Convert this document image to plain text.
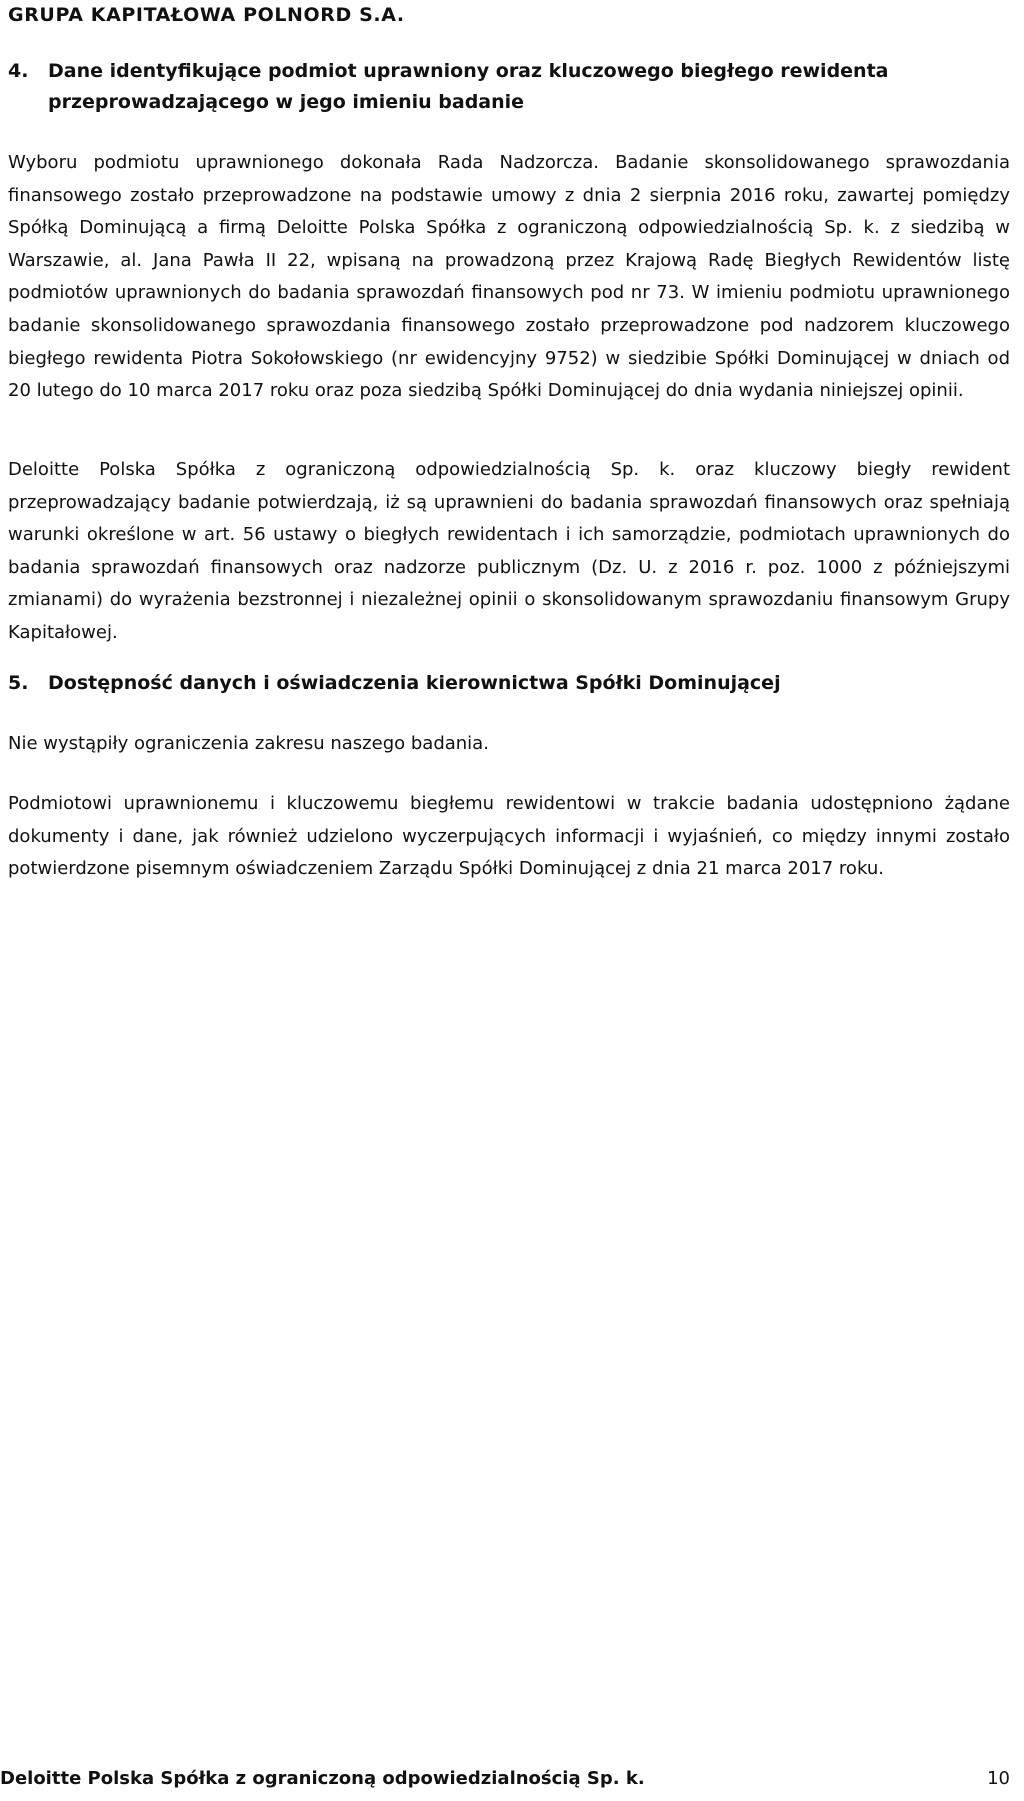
GRUPA KAPITAŁOWA POLNORD S.A.
4.	Dane identyfikujące podmiot uprawniony oraz kluczowego biegłego rewidenta przeprowadzającego w jego imieniu badanie

Wyboru podmiotu uprawnionego dokonała Rada Nadzorcza. Badanie skonsolidowanego sprawozdania finansowego zostało przeprowadzone na podstawie umowy z dnia 2 sierpnia 2016 roku, zawartej pomiędzy Spółką Dominującą a firmą Deloitte Polska Spółka z ograniczoną odpowiedzialnością Sp. k. z siedzibą w Warszawie, al. Jana Pawła II 22, wpisaną na prowadzoną przez Krajową Radę Biegłych Rewidentów listę podmiotów uprawnionych do badania sprawozdań finansowych pod nr 73. W imieniu podmiotu uprawnionego badanie skonsolidowanego sprawozdania finansowego zostało przeprowadzone pod nadzorem kluczowego biegłego rewidenta Piotra Sokołowskiego (nr ewidencyjny 9752) w siedzibie Spółki Dominującej w dniach od 20 lutego do 10 marca 2017 roku oraz poza siedzibą Spółki Dominującej do dnia wydania niniejszej opinii.

Deloitte Polska Spółka z ograniczoną odpowiedzialnością Sp. k. oraz kluczowy biegły rewident przeprowadzający badanie potwierdzają, iż są uprawnieni do badania sprawozdań finansowych oraz spełniają warunki określone w art. 56 ustawy o biegłych rewidentach i ich samorządzie, podmiotach uprawnionych do badania sprawozdań finansowych oraz nadzorze publicznym (Dz. U. z 2016 r. poz. 1000 z późniejszymi zmianami) do wyrażenia bezstronnej i niezależnej opinii o skonsolidowanym sprawozdaniu finansowym Grupy Kapitałowej.

5.	Dostępność danych i oświadczenia kierownictwa Spółki Dominującej

Nie wystąpiły ograniczenia zakresu naszego badania.

Podmiotowi uprawnionemu i kluczowemu biegłemu rewidentowi w trakcie badania udostępniono żądane dokumenty i dane, jak również udzielono wyczerpujących informacji i wyjaśnień, co między innymi zostało potwierdzone pisemnym oświadczeniem Zarządu Spółki Dominującej z dnia 21 marca 2017 roku.

Deloitte Polska Spółka z ograniczoną odpowiedzialnością Sp. k.	10
